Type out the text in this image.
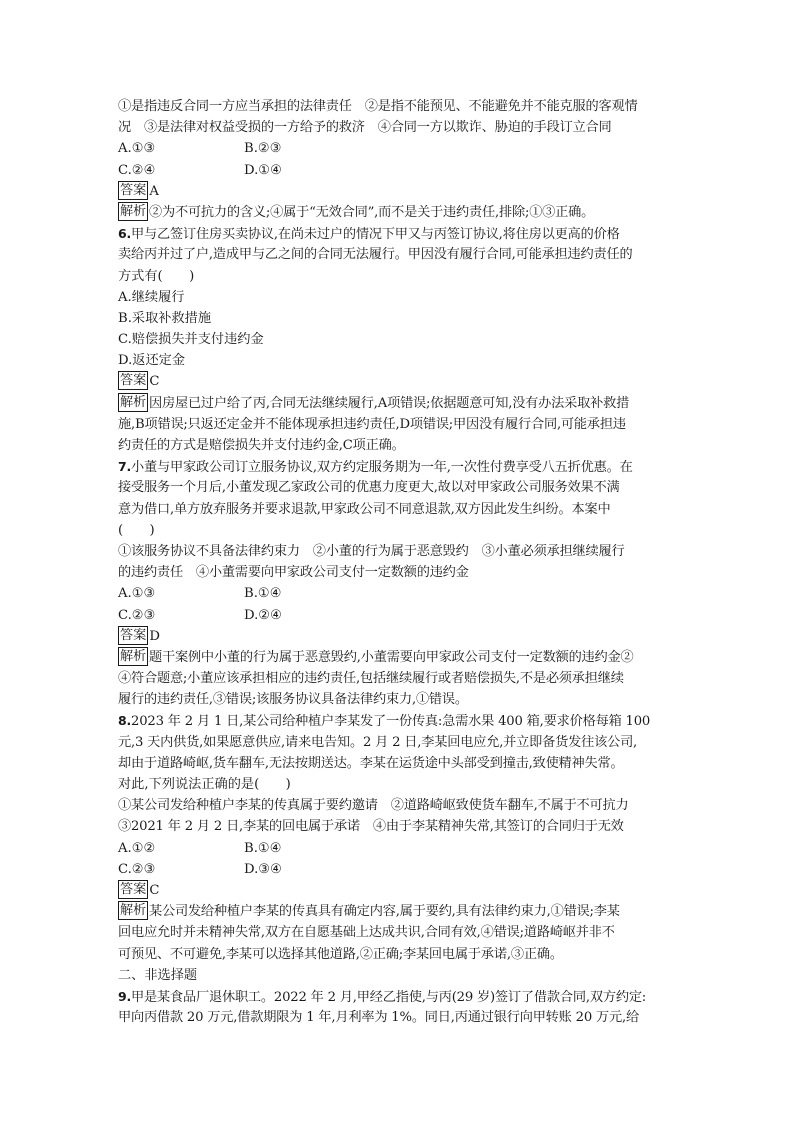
①是指违反合同一方应当承担的法律责任　②是指不能预见、不能避免并不能克服的客观情
况　③是法律对权益受损的一方给予的救济　④合同一方以欺诈、胁迫的手段订立合同
A.①③	B.②③
C.②④	D.①④
答案 A
解析 ②为不可抗力的含义;④属于“无效合同”,而不是关于违约责任,排除;①③正确。
6.甲与乙签订住房买卖协议,在尚未过户的情况下甲又与丙签订协议,将住房以更高的价格
卖给丙并过了户,造成甲与乙之间的合同无法履行。甲因没有履行合同,可能承担违约责任的
方式有(　　)
A.继续履行
B.采取补救措施
C.赔偿损失并支付违约金
D.返还定金
答案 C
解析 因房屋已过户给了丙,合同无法继续履行,A项错误;依据题意可知,没有办法采取补救措
施,B项错误;只返还定金并不能体现承担违约责任,D项错误;甲因没有履行合同,可能承担违
约责任的方式是赔偿损失并支付违约金,C项正确。
7.小董与甲家政公司订立服务协议,双方约定服务期为一年,一次性付费享受八五折优惠。在
接受服务一个月后,小董发现乙家政公司的优惠力度更大,故以对甲家政公司服务效果不满
意为借口,单方放弃服务并要求退款,甲家政公司不同意退款,双方因此发生纠纷。本案中
(　　)
①该服务协议不具备法律约束力　②小董的行为属于恶意毁约　③小董必须承担继续履行
的违约责任　④小董需要向甲家政公司支付一定数额的违约金
A.①③	B.①④
C.②③	D.②④
答案 D
解析 题干案例中小董的行为属于恶意毁约,小董需要向甲家政公司支付一定数额的违约金②
④符合题意;小董应该承担相应的违约责任,包括继续履行或者赔偿损失,不是必须承担继续
履行的违约责任,③错误;该服务协议具备法律约束力,①错误。
8.2023 年 2 月 1 日,某公司给种植户李某发了一份传真:急需水果 400 箱,要求价格每箱 100
元,3 天内供货,如果愿意供应,请来电告知。2 月 2 日,李某回电应允,并立即备货发往该公司,
却由于道路崎岖,货车翻车,无法按期送达。李某在运货途中头部受到撞击,致使精神失常。
对此,下列说法正确的是(　　)
①某公司发给种植户李某的传真属于要约邀请　②道路崎岖致使货车翻车,不属于不可抗力
③2021 年 2 月 2 日,李某的回电属于承诺　④由于李某精神失常,其签订的合同归于无效
A.①②	B.①④
C.②③	D.③④
答案 C
解析 某公司发给种植户李某的传真具有确定内容,属于要约,具有法律约束力,①错误;李某
回电应允时并未精神失常,双方在自愿基础上达成共识,合同有效,④错误;道路崎岖并非不
可预见、不可避免,李某可以选择其他道路,②正确;李某回电属于承诺,③正确。
二、非选择题
9.甲是某食品厂退休职工。2022 年 2 月,甲经乙指使,与丙(29 岁)签订了借款合同,双方约定:
甲向丙借款 20 万元,借款期限为 1 年,月利率为 1%。同日,丙通过银行向甲转账 20 万元,给
